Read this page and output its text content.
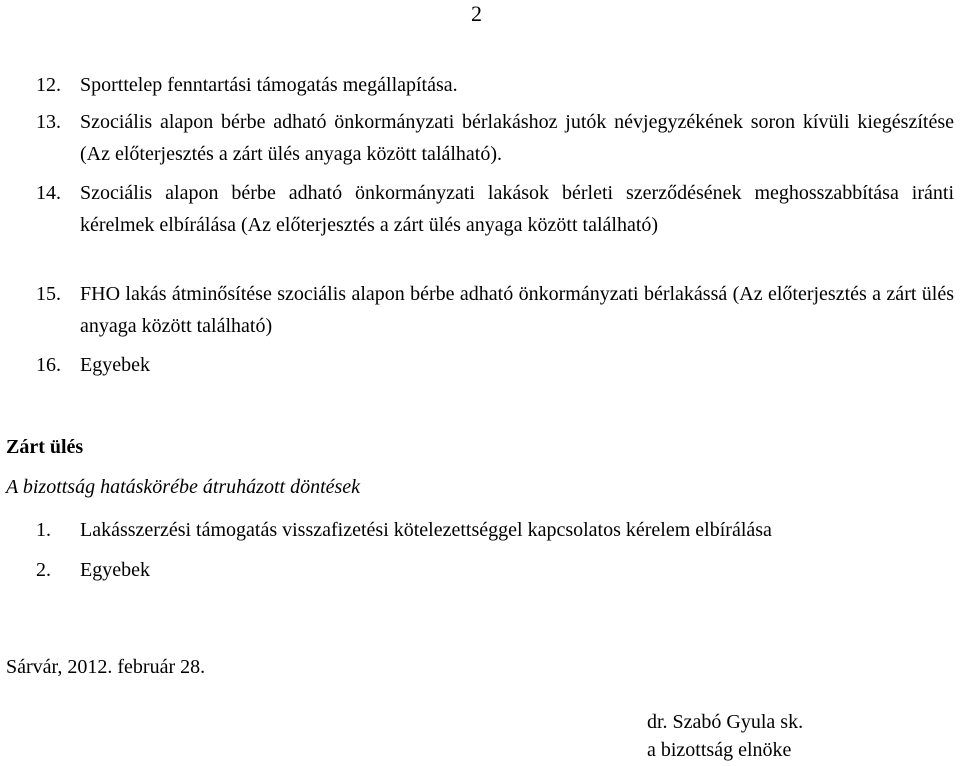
2
12. Sporttelep fenntartási támogatás megállapítása.
13. Szociális alapon bérbe adható önkormányzati bérlakáshoz jutók névjegyzékének soron kívüli kiegészítése (Az előterjesztés a zárt ülés anyaga között található).
14. Szociális alapon bérbe adható önkormányzati lakások bérleti szerződésének meghosszabbítása iránti kérelmek elbírálása (Az előterjesztés a zárt ülés anyaga között található)
15. FHO lakás átminősítése szociális alapon bérbe adható önkormányzati bérlakássá (Az előterjesztés a zárt ülés anyaga között található)
16. Egyebek
Zárt ülés
A bizottság hatáskörébe átruházott döntések
1. Lakásszerzési támogatás visszafizetési kötelezettséggel kapcsolatos kérelem elbírálása
2. Egyebek
Sárvár, 2012. február 28.
dr. Szabó Gyula sk.
a bizottság elnöke
